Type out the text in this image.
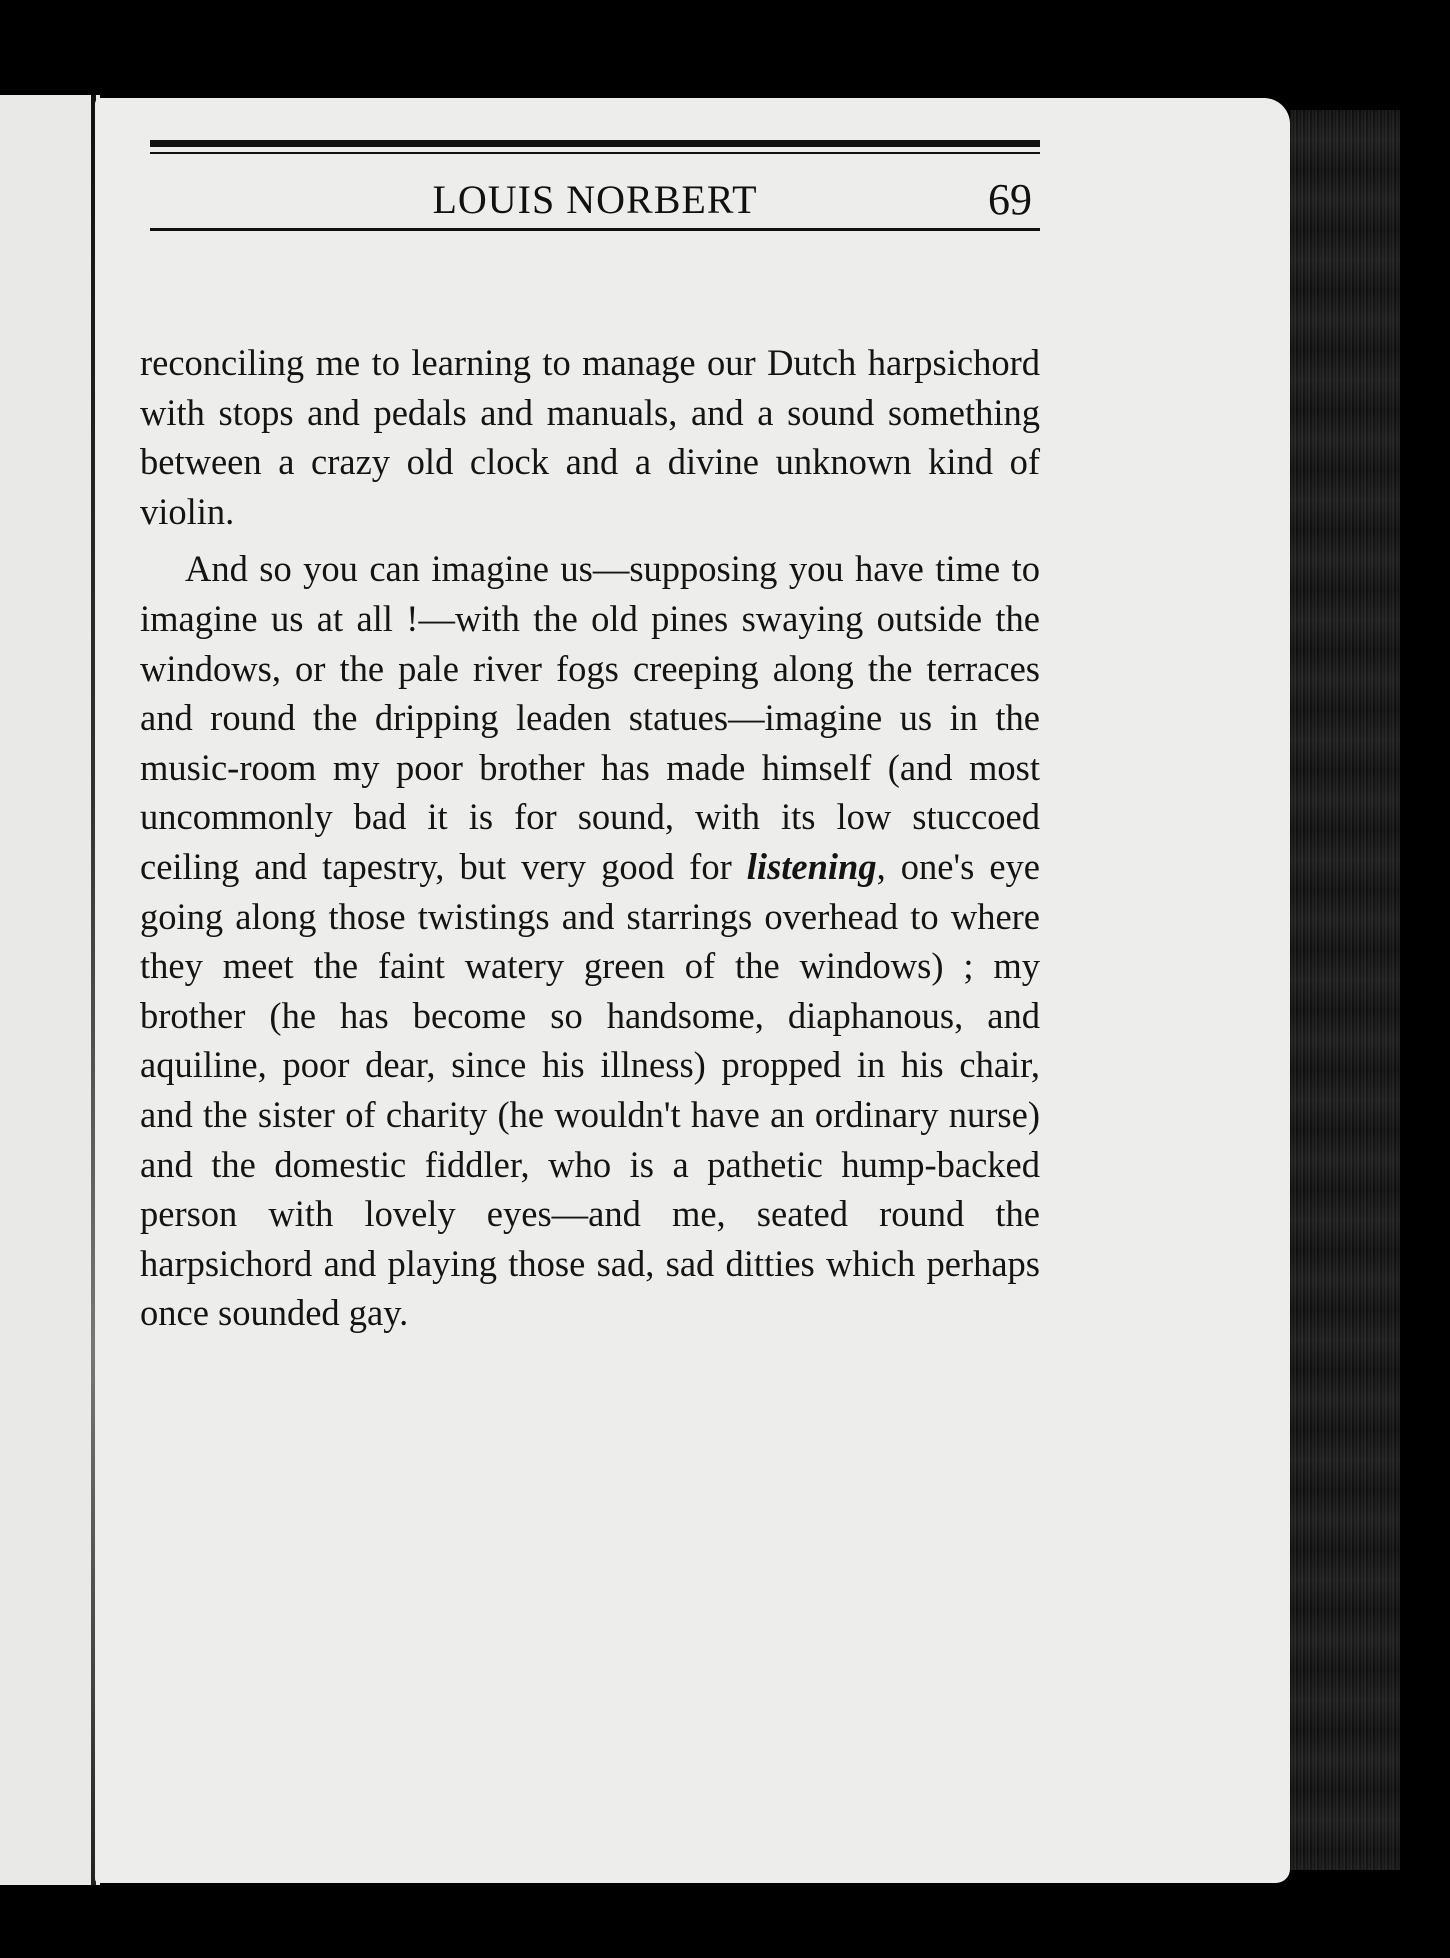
LOUIS NORBERT	69

reconciling me to learning to manage our Dutch harpsichord with stops and pedals and manuals, and a sound something between a crazy old clock and a divine unknown kind of violin.

And so you can imagine us—supposing you have time to imagine us at all !—with the old pines swaying outside the windows, or the pale river fogs creeping along the terraces and round the dripping leaden statues—imagine us in the music-room my poor brother has made himself (and most uncommonly bad it is for sound, with its low stuccoed ceiling and tapestry, but very good for listening, one's eye going along those twistings and starrings overhead to where they meet the faint watery green of the windows) ; my brother (he has become so handsome, diaphanous, and aquiline, poor dear, since his illness) propped in his chair, and the sister of charity (he wouldn't have an ordinary nurse) and the domestic fiddler, who is a pathetic hump-backed person with lovely eyes—and me, seated round the harpsichord and playing those sad, sad ditties which perhaps once sounded gay.
